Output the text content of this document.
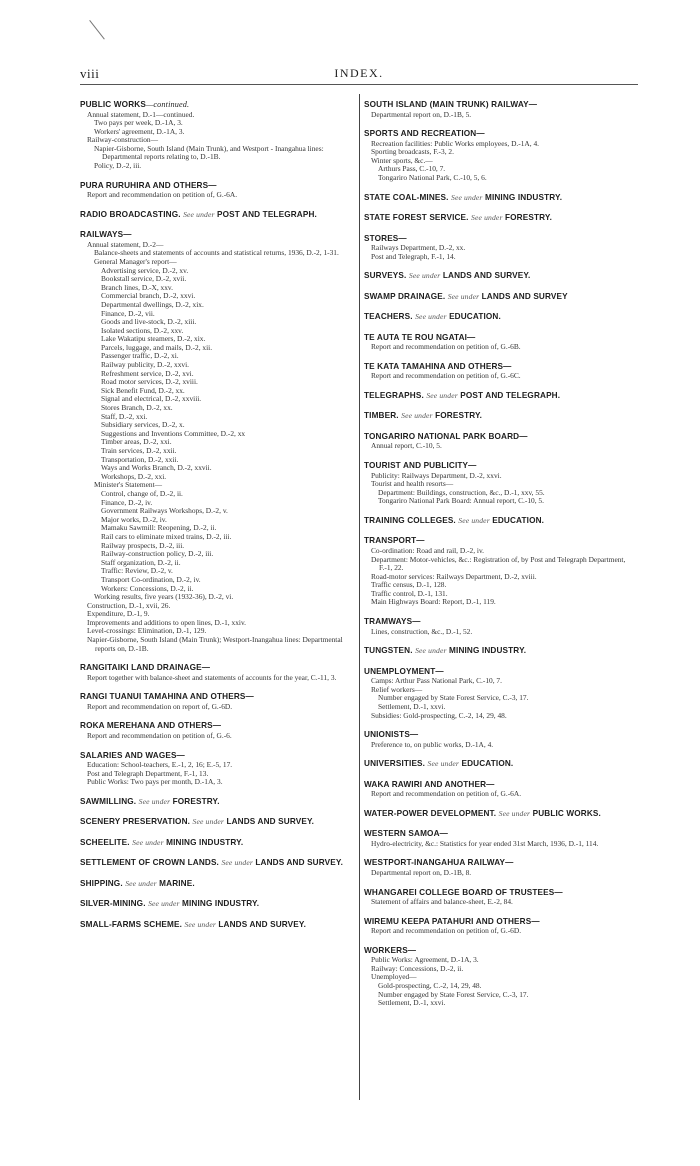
viii	INDEX.
PUBLIC WORKS—continued.
Annual statement, D.-1—continued.
Two pays per week, D.-1A, 3.
Workers' agreement, D.-1A, 3.
Railway-construction—
Napier-Gisborne, South Island (Main Trunk), and Westport - Inangahua lines: Departmental reports relating to, D.-1B.
Policy, D.-2, iii.
PURA RURUHIRA AND OTHERS—
Report and recommendation on petition of, G.-6A.
RADIO BROADCASTING. See under POST AND TELEGRAPH.
RAILWAYS—
Annual statement, D.-2—
Balance-sheets and statements of accounts and statistical returns, 1936, D.-2, 1-31.
General Manager's report—
Advertising service, D.-2, xv.
Bookstall service, D.-2, xvii.
Branch lines, D.-X, xxv.
Commercial branch, D.-2, xxvi.
Departmental dwellings, D.-2, xix.
Finance, D.-2, vii.
Goods and live-stock, D.-2, xiii.
Isolated sections, D.-2, xxv.
Lake Wakatipu steamers, D.-2, xix.
Parcels, luggage, and mails, D.-2, xii.
Passenger traffic, D.-2, xi.
Railway publicity, D.-2, xxvi.
Refreshment service, D.-2, xvi.
Road motor services, D.-2, xviii.
Sick Benefit Fund, D.-2, xx.
Signal and electrical, D.-2, xxviii.
Stores Branch, D.-2, xx.
Staff, D.-2, xxi.
Subsidiary services, D.-2, x.
Suggestions and Inventions Committee, D.-2, xx
Timber areas, D.-2, xxi.
Train services, D.-2, xxii.
Transportation, D.-2, xxii.
Ways and Works Branch, D.-2, xxvii.
Workshops, D.-2, xxi.
Minister's Statement—
Control, change of, D.-2, ii.
Finance, D.-2, iv.
Government Railways Workshops, D.-2, v.
Major works, D.-2, iv.
Mamaku Sawmill: Reopening, D.-2, ii.
Rail cars to eliminate mixed trains, D.-2, iii.
Railway prospects, D.-2, iii.
Railway-construction policy, D.-2, iii.
Staff organization, D.-2, ii.
Traffic: Review, D.-2, v.
Transport Co-ordination, D.-2, iv.
Workers: Concessions, D.-2, ii.
Working results, five years (1932-36), D.-2, vi.
Construction, D.-1, xvii, 26.
Expenditure, D.-1, 9.
Improvements and additions to open lines, D.-1, xxiv.
Level-crossings: Elimination, D.-1, 129.
Napier-Gisborne, South Island (Main Trunk); Westport-Inangahua lines: Departmental reports on, D.-1B.
RANGITAIKI LAND DRAINAGE—
Report together with balance-sheet and statements of accounts for the year, C.-11, 3.
RANGI TUANUI TAMAHINA AND OTHERS—
Report and recommendation on report of, G.-6D.
ROKA MEREHANA AND OTHERS—
Report and recommendation on petition of, G.-6.
SALARIES AND WAGES—
Education: School-teachers, E.-1, 2, 16; E.-5, 17.
Post and Telegraph Department, F.-1, 13.
Public Works: Two pays per month, D.-1A, 3.
SAWMILLING. See under FORESTRY.
SCENERY PRESERVATION. See under LANDS AND SURVEY.
SCHEELITE. See under MINING INDUSTRY.
SETTLEMENT OF CROWN LANDS. See under LANDS AND SURVEY.
SHIPPING. See under MARINE.
SILVER-MINING. See under MINING INDUSTRY.
SMALL-FARMS SCHEME. See under LANDS AND SURVEY.
SOUTH ISLAND (MAIN TRUNK) RAILWAY—
Departmental report on, D.-1B, 5.
SPORTS AND RECREATION—
Recreation facilities: Public Works employees, D.-1A, 4.
Sporting broadcasts, F.-3, 2.
Winter sports, &c.—
Arthurs Pass, C.-10, 7.
Tongariro National Park, C.-10, 5, 6.
STATE COAL-MINES. See under MINING INDUSTRY.
STATE FOREST SERVICE. See under FORESTRY.
STORES—
Railways Department, D.-2, xx.
Post and Telegraph, F.-1, 14.
SURVEYS. See under LANDS AND SURVEY.
SWAMP DRAINAGE. See under LANDS AND SURVEY
TEACHERS. See under EDUCATION.
TE AUTA TE ROU NGATAI—
Report and recommendation on petition of, G.-6B.
TE KATA TAMAHINA AND OTHERS—
Report and recommendation on petition of, G.-6C.
TELEGRAPHS. See under POST AND TELEGRAPH.
TIMBER. See under FORESTRY.
TONGARIRO NATIONAL PARK BOARD—
Annual report, C.-10, 5.
TOURIST AND PUBLICITY—
Publicity: Railways Department, D.-2, xxvi.
Tourist and health resorts—
Department: Buildings, construction, &c., D.-1, xxv, 55.
Tongariro National Park Board: Annual report, C.-10, 5.
TRAINING COLLEGES. See under EDUCATION.
TRANSPORT—
Co-ordination: Road and rail, D.-2, iv.
Department: Motor-vehicles, &c.: Registration of, by Post and Telegraph Department, F.-1, 22.
Road-motor services: Railways Department, D.-2, xviii.
Traffic census, D.-1, 128.
Traffic control, D.-1, 131.
Main Highways Board: Report, D.-1, 119.
TRAMWAYS—
Lines, construction, &c., D.-1, 52.
TUNGSTEN. See under MINING INDUSTRY.
UNEMPLOYMENT—
Camps: Arthur Pass National Park, C.-10, 7.
Relief workers—
Number engaged by State Forest Service, C.-3, 17.
Settlement, D.-1, xxvi.
Subsidies: Gold-prospecting, C.-2, 14, 29, 48.
UNIONISTS—
Preference to, on public works, D.-1A, 4.
UNIVERSITIES. See under EDUCATION.
WAKA RAWIRI AND ANOTHER—
Report and recommendation on petition of, G.-6A.
WATER-POWER DEVELOPMENT. See under PUBLIC WORKS.
WESTERN SAMOA—
Hydro-electricity, &c.: Statistics for year ended 31st March, 1936, D.-1, 114.
WESTPORT-INANGAHUA RAILWAY—
Departmental report on, D.-1B, 8.
WHANGAREI COLLEGE BOARD OF TRUSTEES—
Statement of affairs and balance-sheet, E.-2, 84.
WIREMU KEEPA PATAHURI AND OTHERS—
Report and recommendation on petition of, G.-6D.
WORKERS—
Public Works: Agreement, D.-1A, 3.
Railway: Concessions, D.-2, ii.
Unemployed—
Gold-prospecting, C.-2, 14, 29, 48.
Number engaged by State Forest Service, C.-3, 17.
Settlement, D.-1, xxvi.
